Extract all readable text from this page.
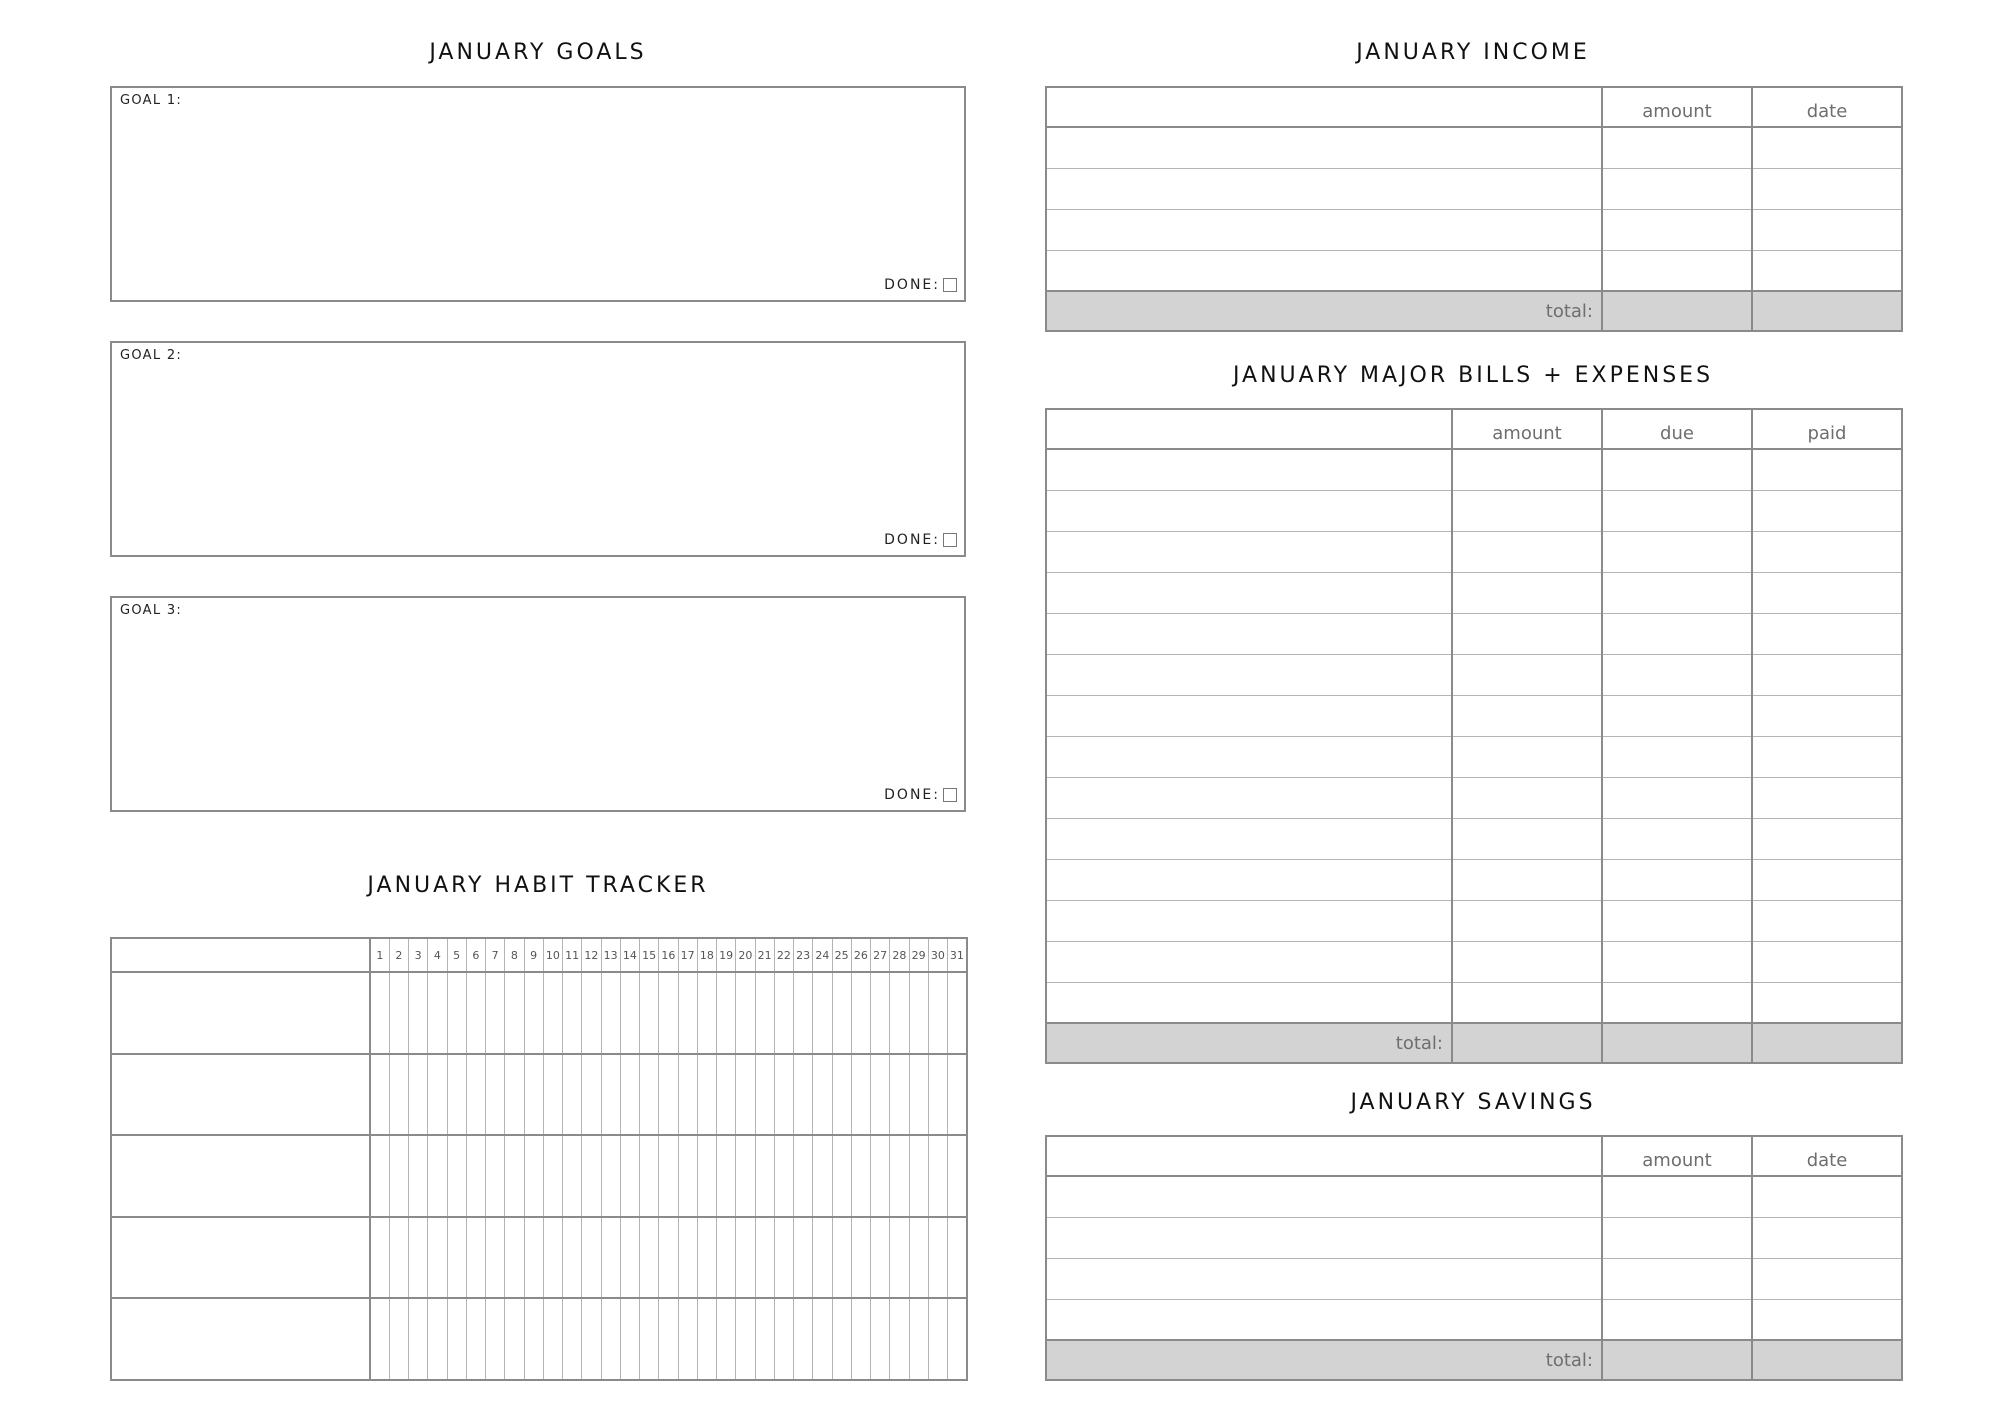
JANUARY GOALS
GOAL 1:
DONE:
GOAL 2:
DONE:
GOAL 3:
DONE:
JANUARY HABIT TRACKER
	1	2	3	4	5	6	7	8	9	10	11	12	13	14	15	16	17	18	19	20	21	22	23	24	25	26	27	28	29	30	31

JANUARY INCOME
	amount	date

total:		
JANUARY MAJOR BILLS + EXPENSES
	amount	due	paid

total:			
JANUARY SAVINGS
	amount	date

total:		
